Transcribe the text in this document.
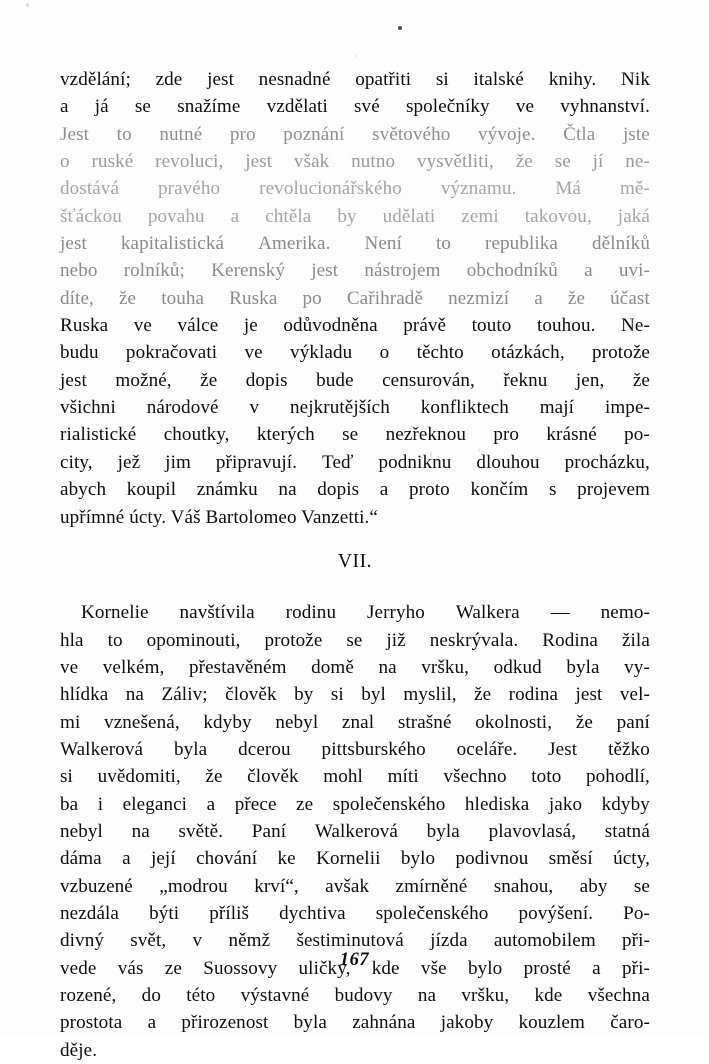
vzdělání; zde jest nesnadné opatřiti si italské knihy. Nik
a já se snažíme vzdělati své společníky ve vyhnanství.
Jest to nutné pro poznání světového vývoje. Čtla jste
o ruské revoluci, jest však nutno vysvětliti, že se jí ne-
dostává pravého revolucionářského významu. Má mě-
šťáckou povahu a chtěla by udělati zemi takovou, jaká
jest kapitalistická Amerika. Není to republika dělníků
nebo rolníků; Kerenský jest nástrojem obchodníků a uvi-
díte, že touha Ruska po Cařihradě nezmizí a že účast
Ruska ve válce je odůvodněna právě touto touhou. Ne-
budu pokračovati ve výkladu o těchto otázkách, protože
jest možné, že dopis bude censurován, řeknu jen, že
všichni národové v nejkrutějších konfliktech mají impe-
rialistické choutky, kterých se nezřeknou pro krásné po-
city, jež jim připravují. Teď podniknu dlouhou procházku,
abych koupil známku na dopis a proto končím s projevem
upřímné úcty. Váš Bartolomeo Vanzetti.“
VII.
Kornelie navštívila rodinu Jerryho Walkera — nemo-
hla to opominouti, protože se již neskrývala. Rodina žila
ve velkém, přestavěném domě na vršku, odkud byla vy-
hlídka na Záliv; člověk by si byl myslil, že rodina jest vel-
mi vznešená, kdyby nebyl znal strašné okolnosti, že paní
Walkerová byla dcerou pittsburského oceláře. Jest těžko
si uvědomiti, že člověk mohl míti všechno toto pohodlí,
ba i eleganci a přece ze společenského hlediska jako kdyby
nebyl na světě. Paní Walkerová byla plavovlasá, statná
dáma a její chování ke Kornelii bylo podivnou směsí úcty,
vzbuzené „modrou krví“, avšak zmírněné snahou, aby se
nezdála býti příliš dychtiva společenského povýšení. Po-
divný svět, v němž šestiminutová jízda automobilem při-
vede vás ze Suossovy uličky, kde vše bylo prosté a při-
rozené, do této výstavné budovy na vršku, kde všechna
prostota a přirozenost byla zahnána jakoby kouzlem čaro-
děje.
167
